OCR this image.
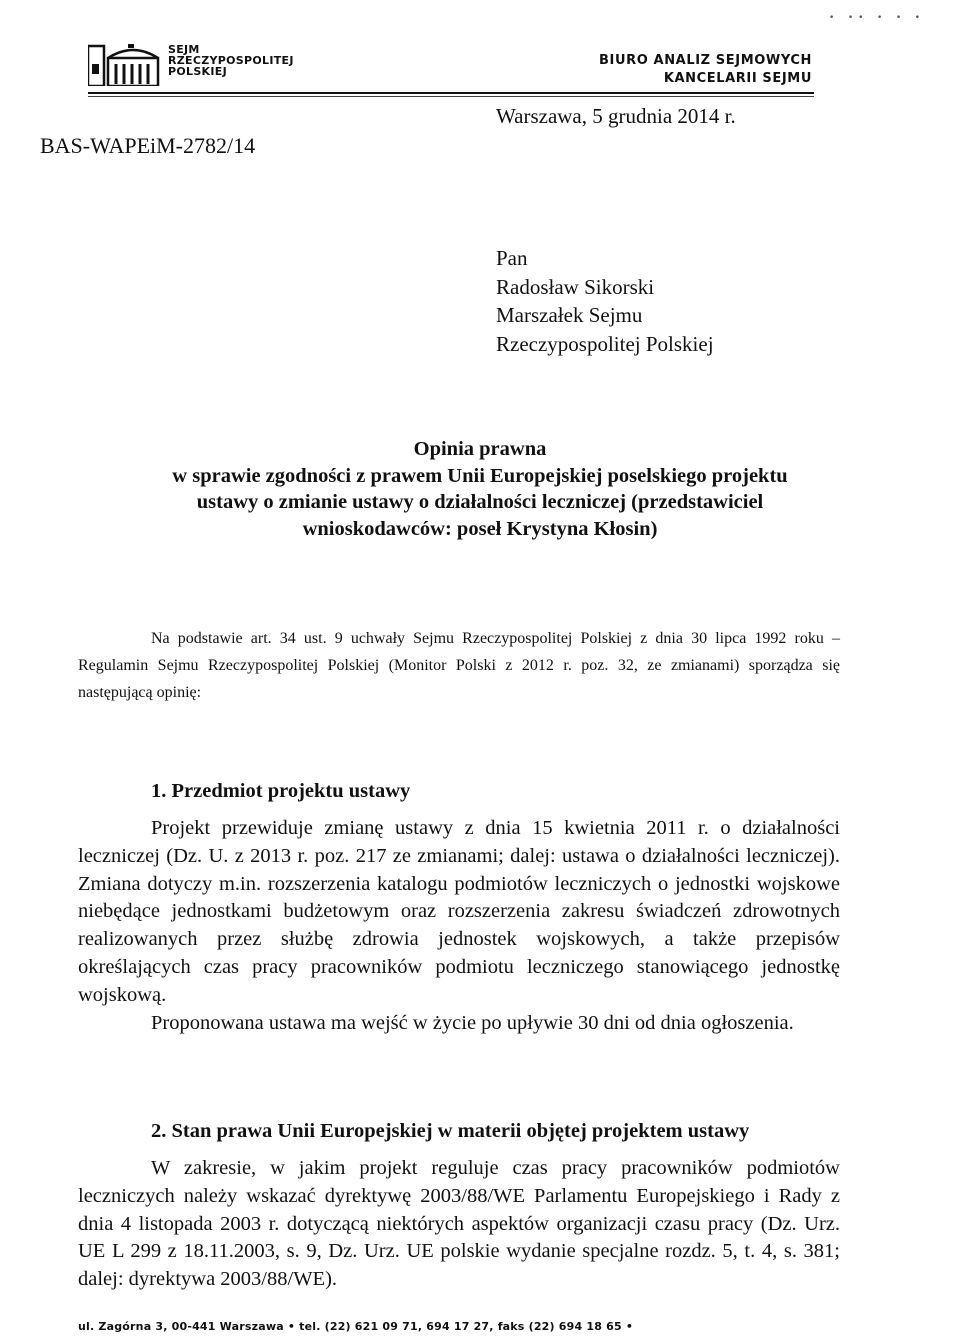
SEJM
RZECZYPOSPOLITEJ
POLSKIEJ
BIURO ANALIZ SEJMOWYCH
KANCELARII SEJMU
· ·· · · ·
Warszawa, 5 grudnia 2014 r.
BAS-WAPEiM-2782/14
Pan
Radosław Sikorski
Marszałek Sejmu
Rzeczypospolitej Polskiej
Opinia prawna
w sprawie zgodności z prawem Unii Europejskiej poselskiego projektu
ustawy o zmianie ustawy o działalności leczniczej (przedstawiciel
wnioskodawców: poseł Krystyna Kłosin)

Na podstawie art. 34 ust. 9 uchwały Sejmu Rzeczypospolitej Polskiej z dnia 30 lipca 1992 roku – Regulamin Sejmu Rzeczypospolitej Polskiej (Monitor Polski z 2012 r. poz. 32, ze zmianami) sporządza się następującą opinię:

1. Przedmiot projektu ustawy

Projekt przewiduje zmianę ustawy z dnia 15 kwietnia 2011 r. o działalności leczniczej (Dz. U. z 2013 r. poz. 217 ze zmianami; dalej: ustawa o działalności leczniczej). Zmiana dotyczy m.in. rozszerzenia katalogu podmiotów leczniczych o jednostki wojskowe niebędące jednostkami budżetowym oraz rozszerzenia zakresu świadczeń zdrowotnych realizowanych przez służbę zdrowia jednostek wojskowych, a także przepisów określających czas pracy pracowników podmiotu leczniczego stanowiącego jednostkę wojskową.

Proponowana ustawa ma wejść w życie po upływie 30 dni od dnia ogłoszenia.

2. Stan prawa Unii Europejskiej w materii objętej projektem ustawy

W zakresie, w jakim projekt reguluje czas pracy pracowników podmiotów leczniczych należy wskazać dyrektywę 2003/88/WE Parlamentu Europejskiego i Rady z dnia 4 listopada 2003 r. dotyczącą niektórych aspektów organizacji czasu pracy (Dz. Urz. UE L 299 z 18.11.2003, s. 9, Dz. Urz. UE polskie wydanie specjalne rozdz. 5, t. 4, s. 381; dalej: dyrektywa 2003/88/WE).

ul. Zagórna 3, 00-441 Warszawa • tel. (22) 621 09 71, 694 17 27, faks (22) 694 18 65 •
